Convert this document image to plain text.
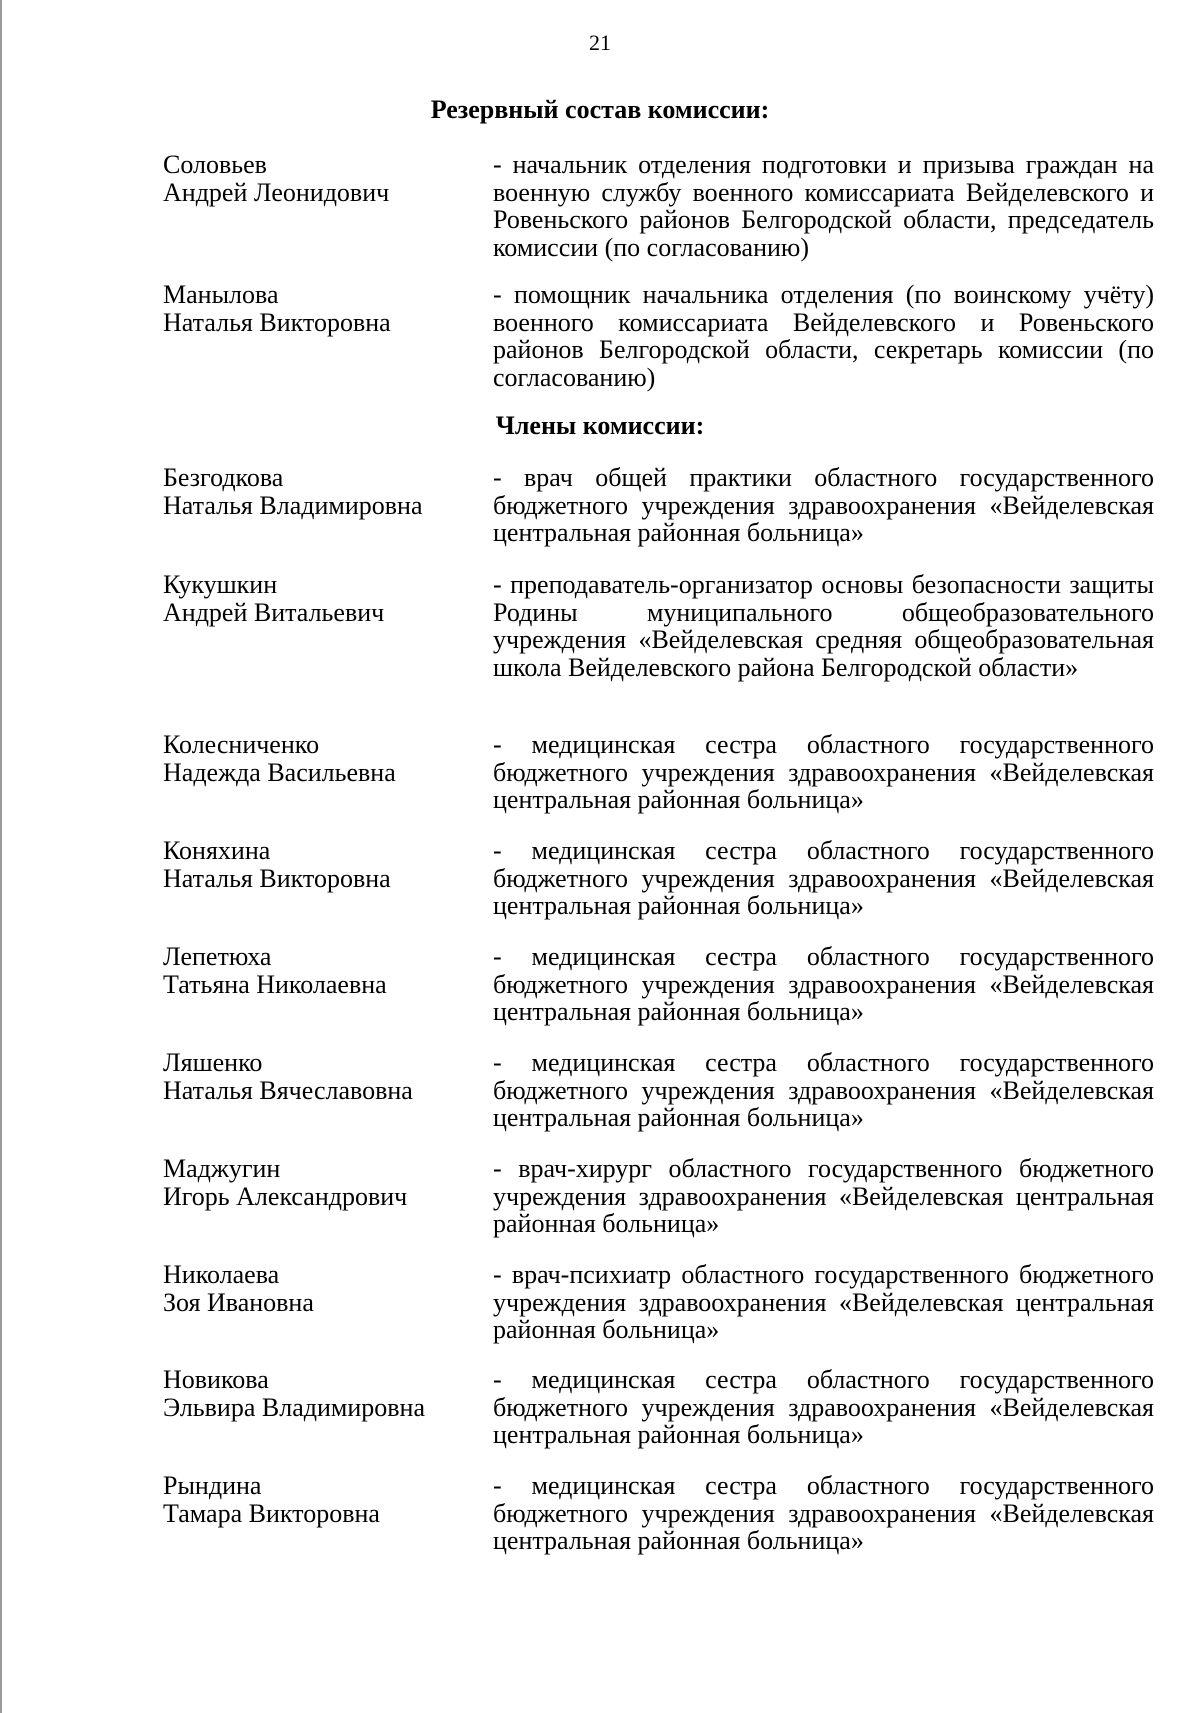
21
Резервный состав комиссии:
Соловьев
Андрей Леонидович
- начальник отделения подготовки и призыва граждан на военную службу военного комиссариата Вейделевского и Ровеньского районов Белгородской области, председатель комиссии (по согласованию)
Манылова
Наталья Викторовна
- помощник начальника отделения (по воинскому учёту) военного комиссариата Вейделевского и Ровеньского районов Белгородской области, секретарь комиссии (по согласованию)
Члены комиссии:
Безгодкова
Наталья Владимировна
- врач общей практики областного государственного бюджетного учреждения здравоохранения «Вейделевская центральная районная больница»
Кукушкин
Андрей Витальевич
- преподаватель-организатор основы безопасности защиты Родины муниципального общеобразовательного учреждения «Вейделевская средняя общеобразовательная школа Вейделевского района Белгородской области»
Колесниченко
Надежда Васильевна
- медицинская сестра областного государственного бюджетного учреждения здравоохранения «Вейделевская центральная районная больница»
Коняхина
Наталья Викторовна
- медицинская сестра областного государственного бюджетного учреждения здравоохранения «Вейделевская центральная районная больница»
Лепетюха
Татьяна Николаевна
- медицинская сестра областного государственного бюджетного учреждения здравоохранения «Вейделевская центральная районная больница»
Ляшенко
Наталья Вячеславовна
- медицинская сестра областного государственного бюджетного учреждения здравоохранения «Вейделевская центральная районная больница»
Маджугин
Игорь Александрович
- врач-хирург областного государственного бюджетного учреждения здравоохранения «Вейделевская центральная районная больница»
Николаева
Зоя Ивановна
- врач-психиатр областного государственного бюджетного учреждения здравоохранения «Вейделевская центральная районная больница»
Новикова
Эльвира Владимировна
- медицинская сестра областного государственного бюджетного учреждения здравоохранения «Вейделевская центральная районная больница»
Рындина
Тамара Викторовна
- медицинская сестра областного государственного бюджетного учреждения здравоохранения «Вейделевская центральная районная больница»
